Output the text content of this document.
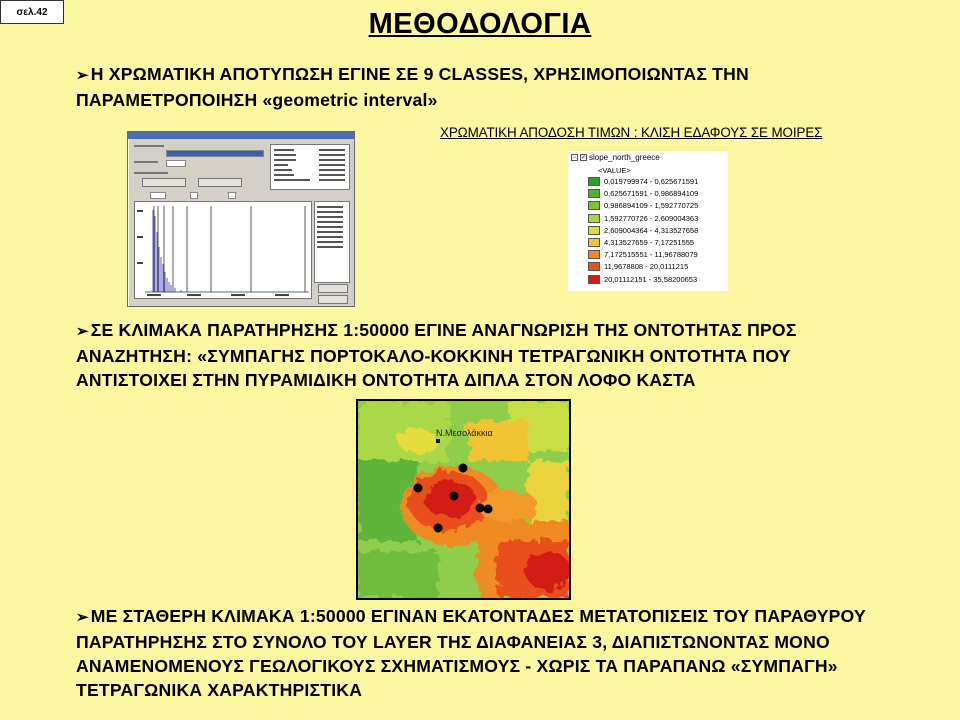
σελ.42	ΜΕΘΟΔΟΛΟΓΙΑ
➢ Η ΧΡΩΜΑΤΙΚΗ ΑΠΟΤΥΠΩΣΗ ΕΓΙΝΕ ΣΕ 9 CLASSES, ΧΡΗΣΙΜΟΠΟΙΩΝΤΑΣ ΤΗΝ ΠΑΡΑΜΕΤΡΟΠΟΙΗΣΗ «geometric interval»
ΧΡΩΜΑΤΙΚΗ ΑΠΟΔΟΣΗ ΤΙΜΩΝ : ΚΛΙΣΗ ΕΔΑΦΟΥΣ ΣΕ ΜΟΙΡΕΣ
− ✓ slope_north_greece
<VALUE>
0,019799974 - 0,625671591
0,625671591 - 0,986894109
0,986894109 - 1,592770725
1,592770726 - 2,609004363
2,609004364 - 4,313527658
4,313527659 - 7,17251555
7,172515551 - 11,96788079
11,9678808 - 20,0111215
20,01112151 - 35,58200653
➢ ΣΕ ΚΛΙΜΑΚΑ ΠΑΡΑΤΗΡΗΣΗΣ 1:50000 ΕΓΙΝΕ ΑΝΑΓΝΩΡΙΣΗ ΤΗΣ ΟΝΤΟΤΗΤΑΣ ΠΡΟΣ ΑΝΑΖΗΤΗΣΗ: «ΣΥΜΠΑΓΗΣ ΠΟΡΤΟΚΑΛΟ-ΚΟΚΚΙΝΗ ΤΕΤΡΑΓΩΝΙΚΗ ΟΝΤΟΤΗΤΑ ΠΟΥ ΑΝΤΙΣΤΟΙΧΕΙ ΣΤΗΝ ΠΥΡΑΜΙΔΙΚΗ ΟΝΤΟΤΗΤΑ ΔΙΠΛΑ ΣΤΟΝ ΛΟΦΟ ΚΑΣΤΑ
Ν.Μεσολάκκια
➢ ΜΕ ΣΤΑΘΕΡΗ ΚΛΙΜΑΚΑ 1:50000 ΕΓΙΝΑΝ ΕΚΑΤΟΝΤΑΔΕΣ ΜΕΤΑΤΟΠΙΣΕΙΣ ΤΟΥ ΠΑΡΑΘΥΡΟΥ ΠΑΡΑΤΗΡΗΣΗΣ ΣΤΟ ΣΥΝΟΛΟ ΤΟΥ LAYER ΤΗΣ ΔΙΑΦΑΝΕΙΑΣ 3, ΔΙΑΠΙΣΤΩΝΟΝΤΑΣ ΜΟΝΟ ΑΝΑΜΕΝΟΜΕΝΟΥΣ ΓΕΩΛΟΓΙΚΟΥΣ ΣΧΗΜΑΤΙΣΜΟΥΣ - ΧΩΡΙΣ ΤΑ ΠΑΡΑΠΑΝΩ «ΣΥΜΠΑΓΗ» ΤΕΤΡΑΓΩΝΙΚΑ ΧΑΡΑΚΤΗΡΙΣΤΙΚΑ
